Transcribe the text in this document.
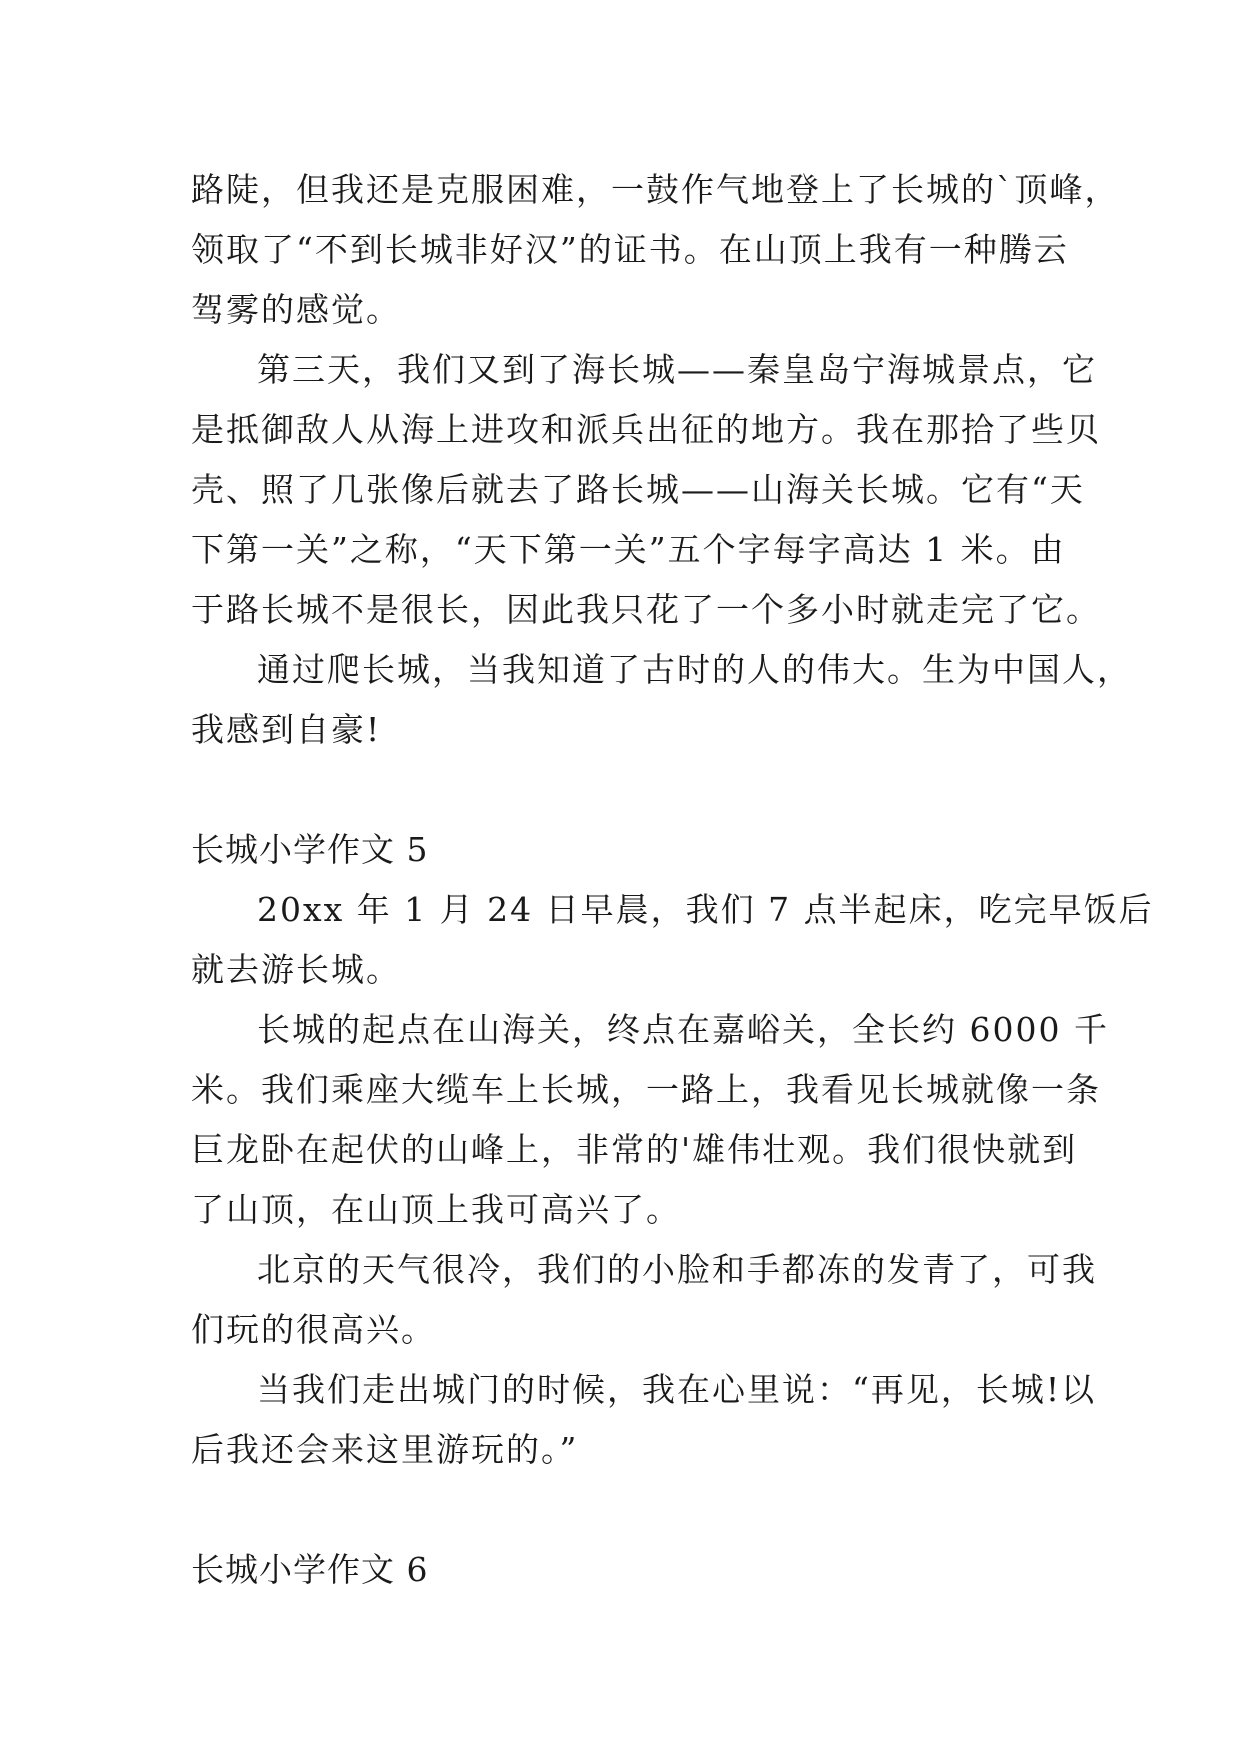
路陡，但我还是克服困难，一鼓作气地登上了长城的`顶峰，
领取了“不到长城非好汉”的证书。在山顶上我有一种腾云
驾雾的感觉。
第三天，我们又到了海长城——秦皇岛宁海城景点，它
是抵御敌人从海上进攻和派兵出征的地方。我在那拾了些贝
壳、照了几张像后就去了路长城——山海关长城。它有“天
下第一关”之称，“天下第一关”五个字每字高达 1 米。由
于路长城不是很长，因此我只花了一个多小时就走完了它。
通过爬长城，当我知道了古时的人的伟大。生为中国人，
我感到自豪!
长城小学作文 5
20xx 年 1 月 24 日早晨，我们 7 点半起床，吃完早饭后
就去游长城。
长城的起点在山海关，终点在嘉峪关，全长约 6000 千
米。我们乘座大缆车上长城，一路上，我看见长城就像一条
巨龙卧在起伏的山峰上，非常的'雄伟壮观。我们很快就到
了山顶，在山顶上我可高兴了。
北京的天气很冷，我们的小脸和手都冻的发青了，可我
们玩的很高兴。
当我们走出城门的时候，我在心里说：“再见，长城!以
后我还会来这里游玩的。”
长城小学作文 6
